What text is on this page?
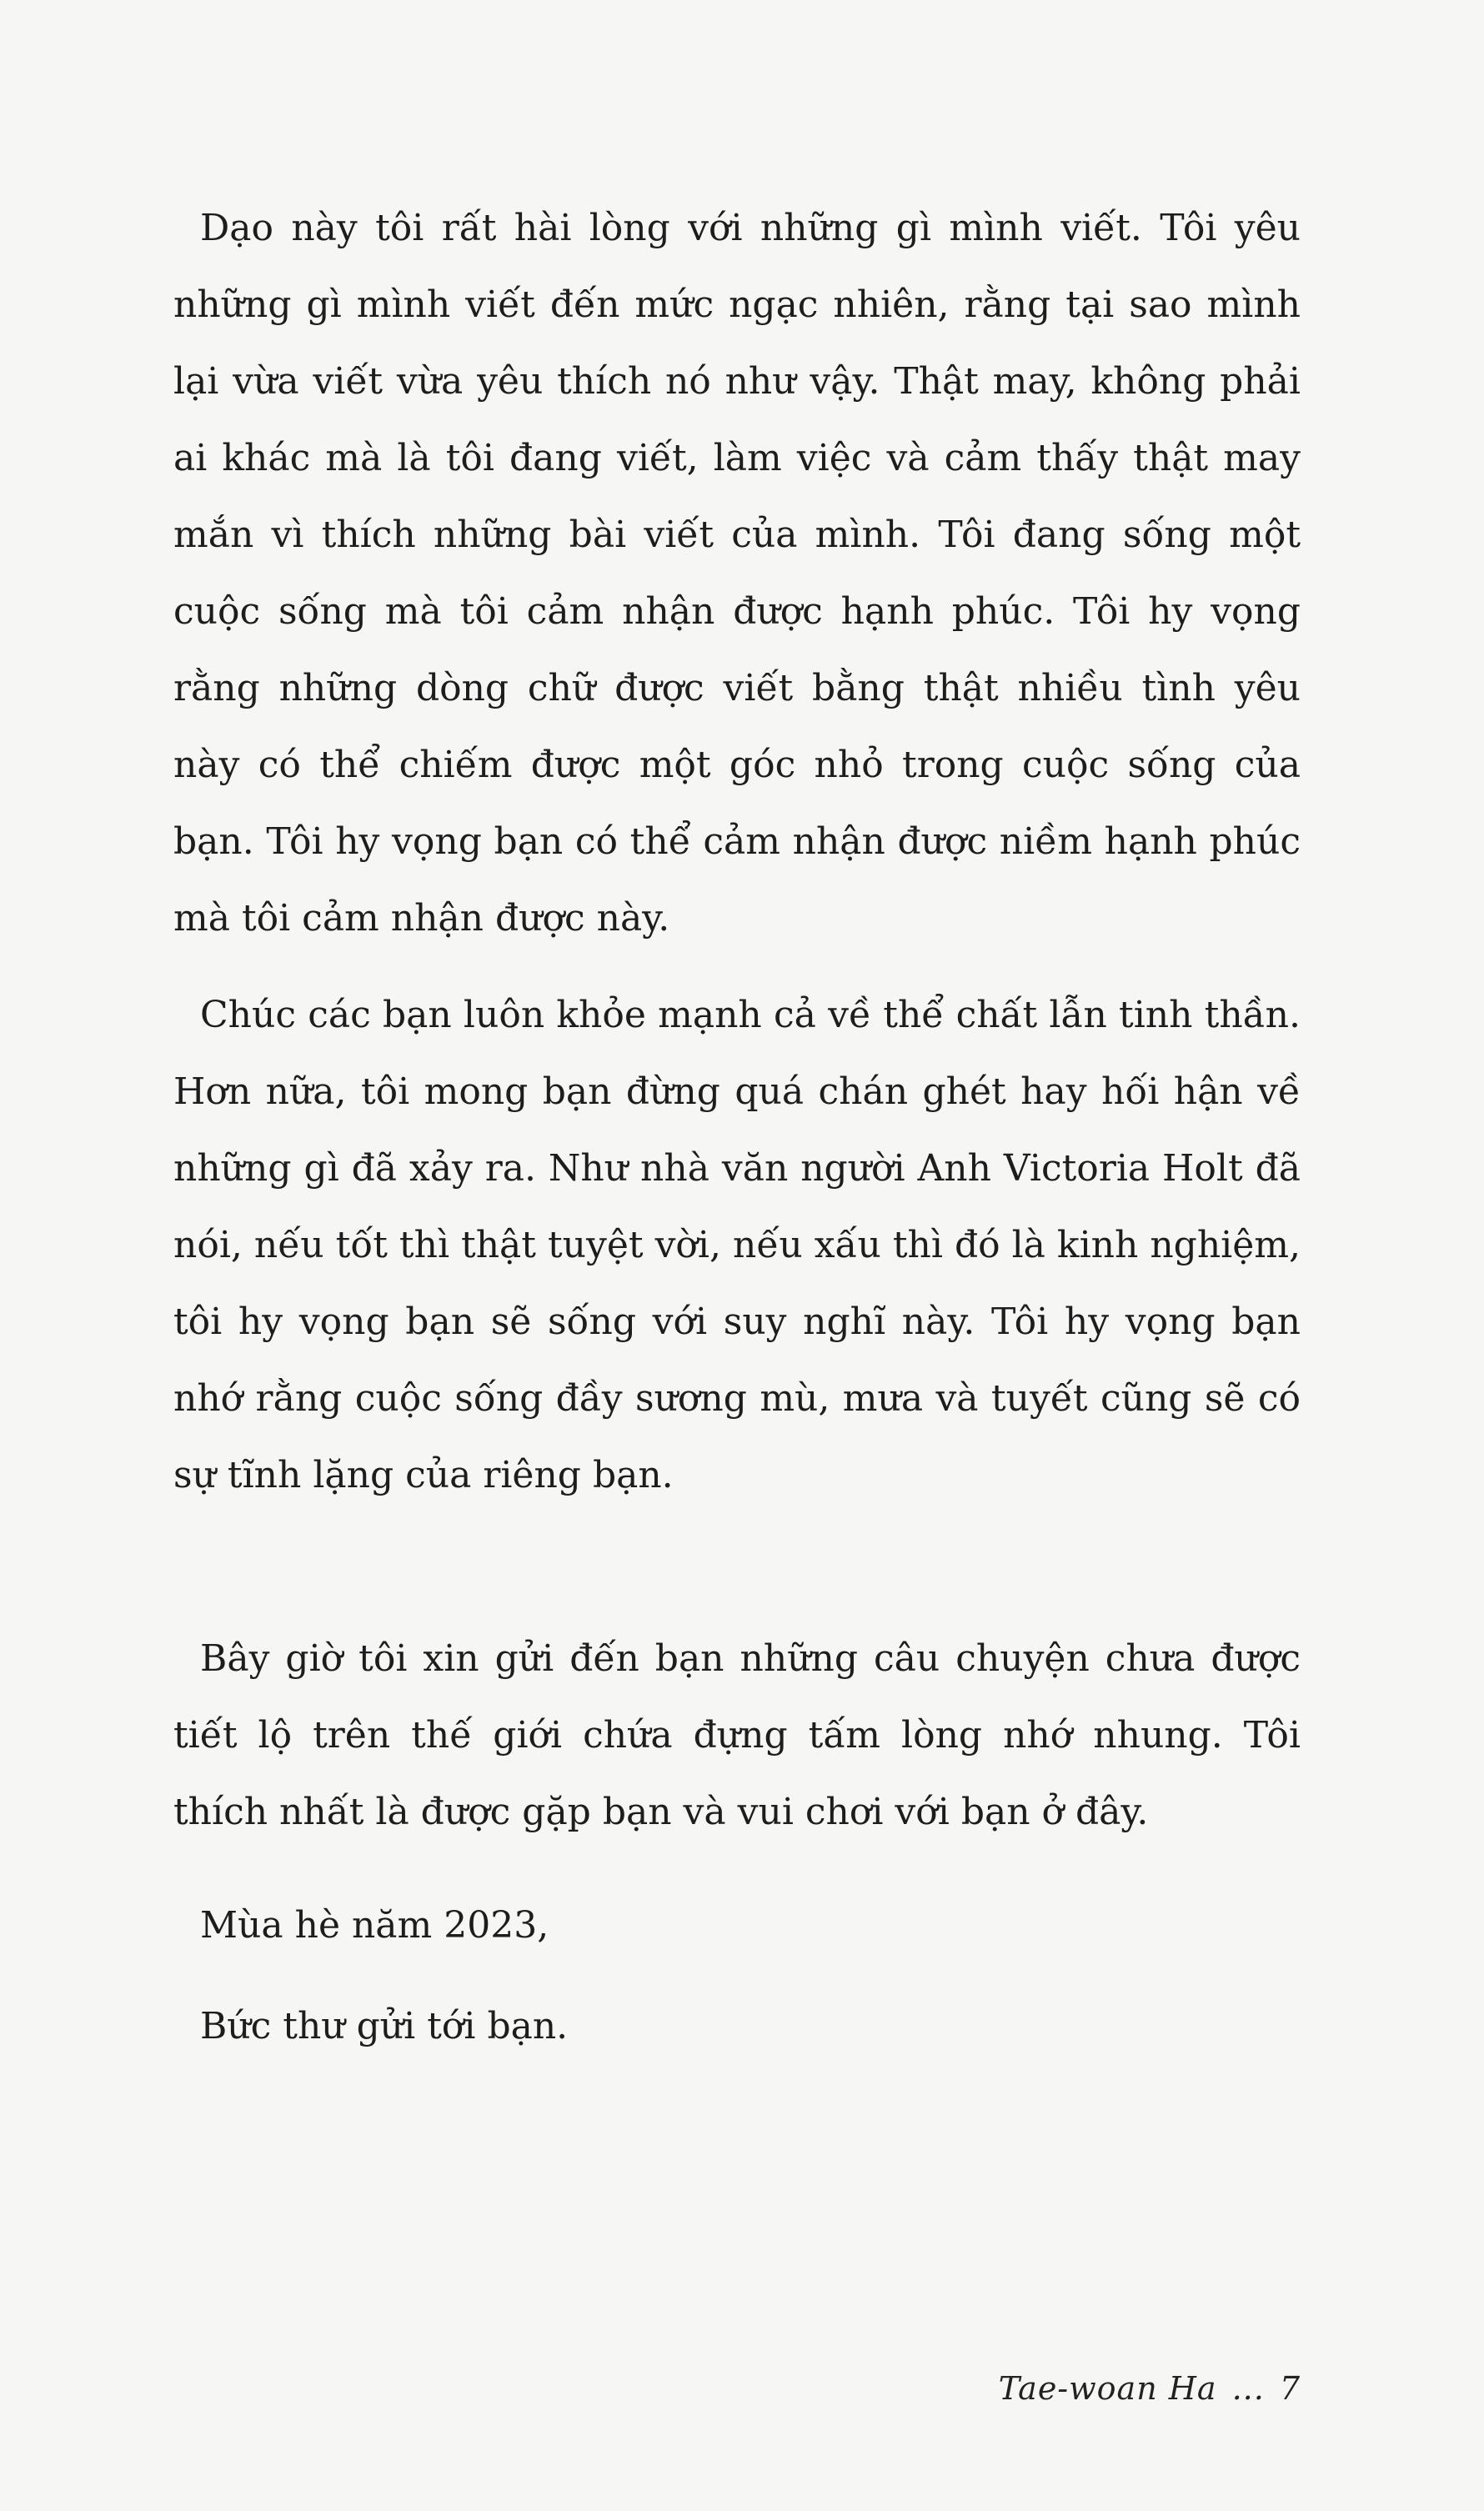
Dạo này tôi rất hài lòng với những gì mình viết. Tôi yêu những gì mình viết đến mức ngạc nhiên, rằng tại sao mình lại vừa viết vừa yêu thích nó như vậy. Thật may, không phải ai khác mà là tôi đang viết, làm việc và cảm thấy thật may mắn vì thích những bài viết của mình. Tôi đang sống một cuộc sống mà tôi cảm nhận được hạnh phúc. Tôi hy vọng rằng những dòng chữ được viết bằng thật nhiều tình yêu này có thể chiếm được một góc nhỏ trong cuộc sống của bạn. Tôi hy vọng bạn có thể cảm nhận được niềm hạnh phúc mà tôi cảm nhận được này.

Chúc các bạn luôn khỏe mạnh cả về thể chất lẫn tinh thần. Hơn nữa, tôi mong bạn đừng quá chán ghét hay hối hận về những gì đã xảy ra. Như nhà văn người Anh Victoria Holt đã nói, nếu tốt thì thật tuyệt vời, nếu xấu thì đó là kinh nghiệm, tôi hy vọng bạn sẽ sống với suy nghĩ này. Tôi hy vọng bạn nhớ rằng cuộc sống đầy sương mù, mưa và tuyết cũng sẽ có sự tĩnh lặng của riêng bạn.

Bây giờ tôi xin gửi đến bạn những câu chuyện chưa được tiết lộ trên thế giới chứa đựng tấm lòng nhớ nhung. Tôi thích nhất là được gặp bạn và vui chơi với bạn ở đây.

Mùa hè năm 2023,
Bức thư gửi tới bạn.
Tae-woan Ha ... 7
